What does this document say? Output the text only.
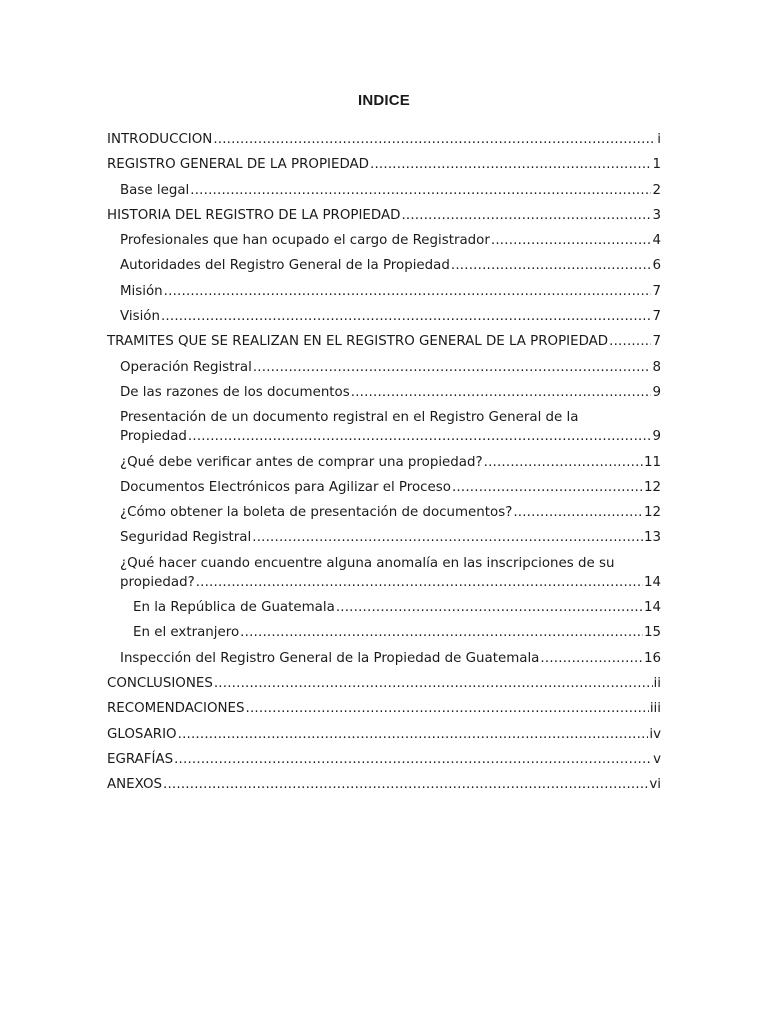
INDICE
INTRODUCCION .....	i
REGISTRO GENERAL DE LA PROPIEDAD .....	1
Base legal .....	2
HISTORIA DEL REGISTRO DE LA PROPIEDAD .....	3
Profesionales que han ocupado el cargo de Registrador .....	4
Autoridades del Registro General de la Propiedad .....	6
Misión .....	7
Visión .....	7
TRAMITES QUE SE REALIZAN EN EL REGISTRO GENERAL DE LA PROPIEDAD .....	7
Operación Registral .....	8
De las razones de los documentos .....	9
Presentación de un documento registral en el Registro General de la
Propiedad .....	9
¿Qué debe verificar antes de comprar una propiedad? .....	11
Documentos Electrónicos para Agilizar el Proceso .....	12
¿Cómo obtener la boleta de presentación de documentos? .....	12
Seguridad Registral .....	13
¿Qué hacer cuando encuentre alguna anomalía en las inscripciones de su
propiedad? .....	14
En la República de Guatemala .....	14
En el extranjero .....	15
Inspección del Registro General de la Propiedad de Guatemala .....	16
CONCLUSIONES .....	ii
RECOMENDACIONES .....	iii
GLOSARIO .....	iv
EGRAFÍAS .....	v
ANEXOS .....	vi
